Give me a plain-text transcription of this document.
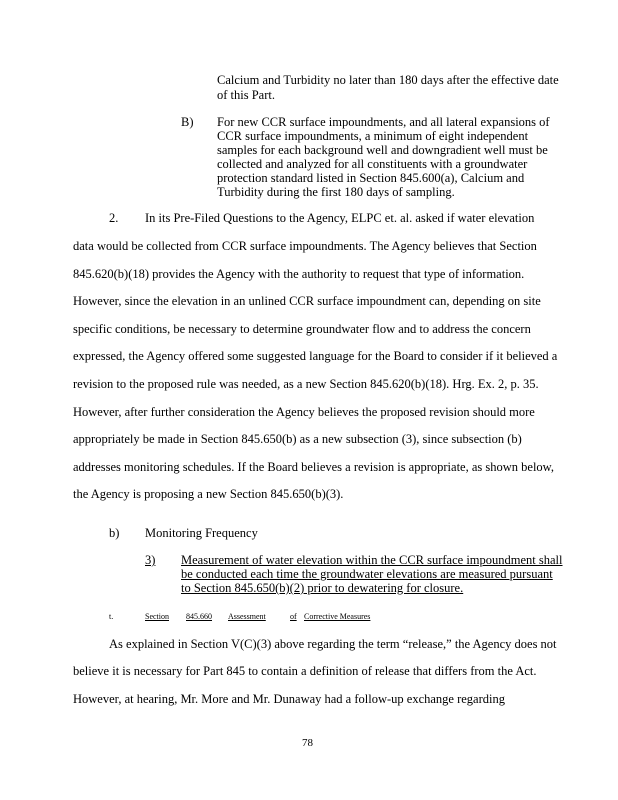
Calcium and Turbidity no later than 180 days after the effective date
of this Part.
B) For new CCR surface impoundments, and all lateral expansions of
CCR surface impoundments, a minimum of eight independent
samples for each background well and downgradient well must be
collected and analyzed for all constituents with a groundwater
protection standard listed in Section 845.600(a), Calcium and
Turbidity during the first 180 days of sampling.
2. In its Pre-Filed Questions to the Agency, ELPC et. al. asked if water elevation
data would be collected from CCR surface impoundments. The Agency believes that Section
845.620(b)(18) provides the Agency with the authority to request that type of information.
However, since the elevation in an unlined CCR surface impoundment can, depending on site
specific conditions, be necessary to determine groundwater flow and to address the concern
expressed, the Agency offered some suggested language for the Board to consider if it believed a
revision to the proposed rule was needed, as a new Section 845.620(b)(18). Hrg. Ex. 2, p. 35.
However, after further consideration the Agency believes the proposed revision should more
appropriately be made in Section 845.650(b) as a new subsection (3), since subsection (b)
addresses monitoring schedules. If the Board believes a revision is appropriate, as shown below,
the Agency is proposing a new Section 845.650(b)(3).
b) Monitoring Frequency
3) Measurement of water elevation within the CCR surface impoundment shall
be conducted each time the groundwater elevations are measured pursuant
to Section 845.650(b)(2) prior to dewatering for closure.
t.	Section 845.660 Assessment	of Corrective Measures
As explained in Section V(C)(3) above regarding the term “release,” the Agency does not
believe it is necessary for Part 845 to contain a definition of release that differs from the Act.
However, at hearing, Mr. More and Mr. Dunaway had a follow-up exchange regarding
78
